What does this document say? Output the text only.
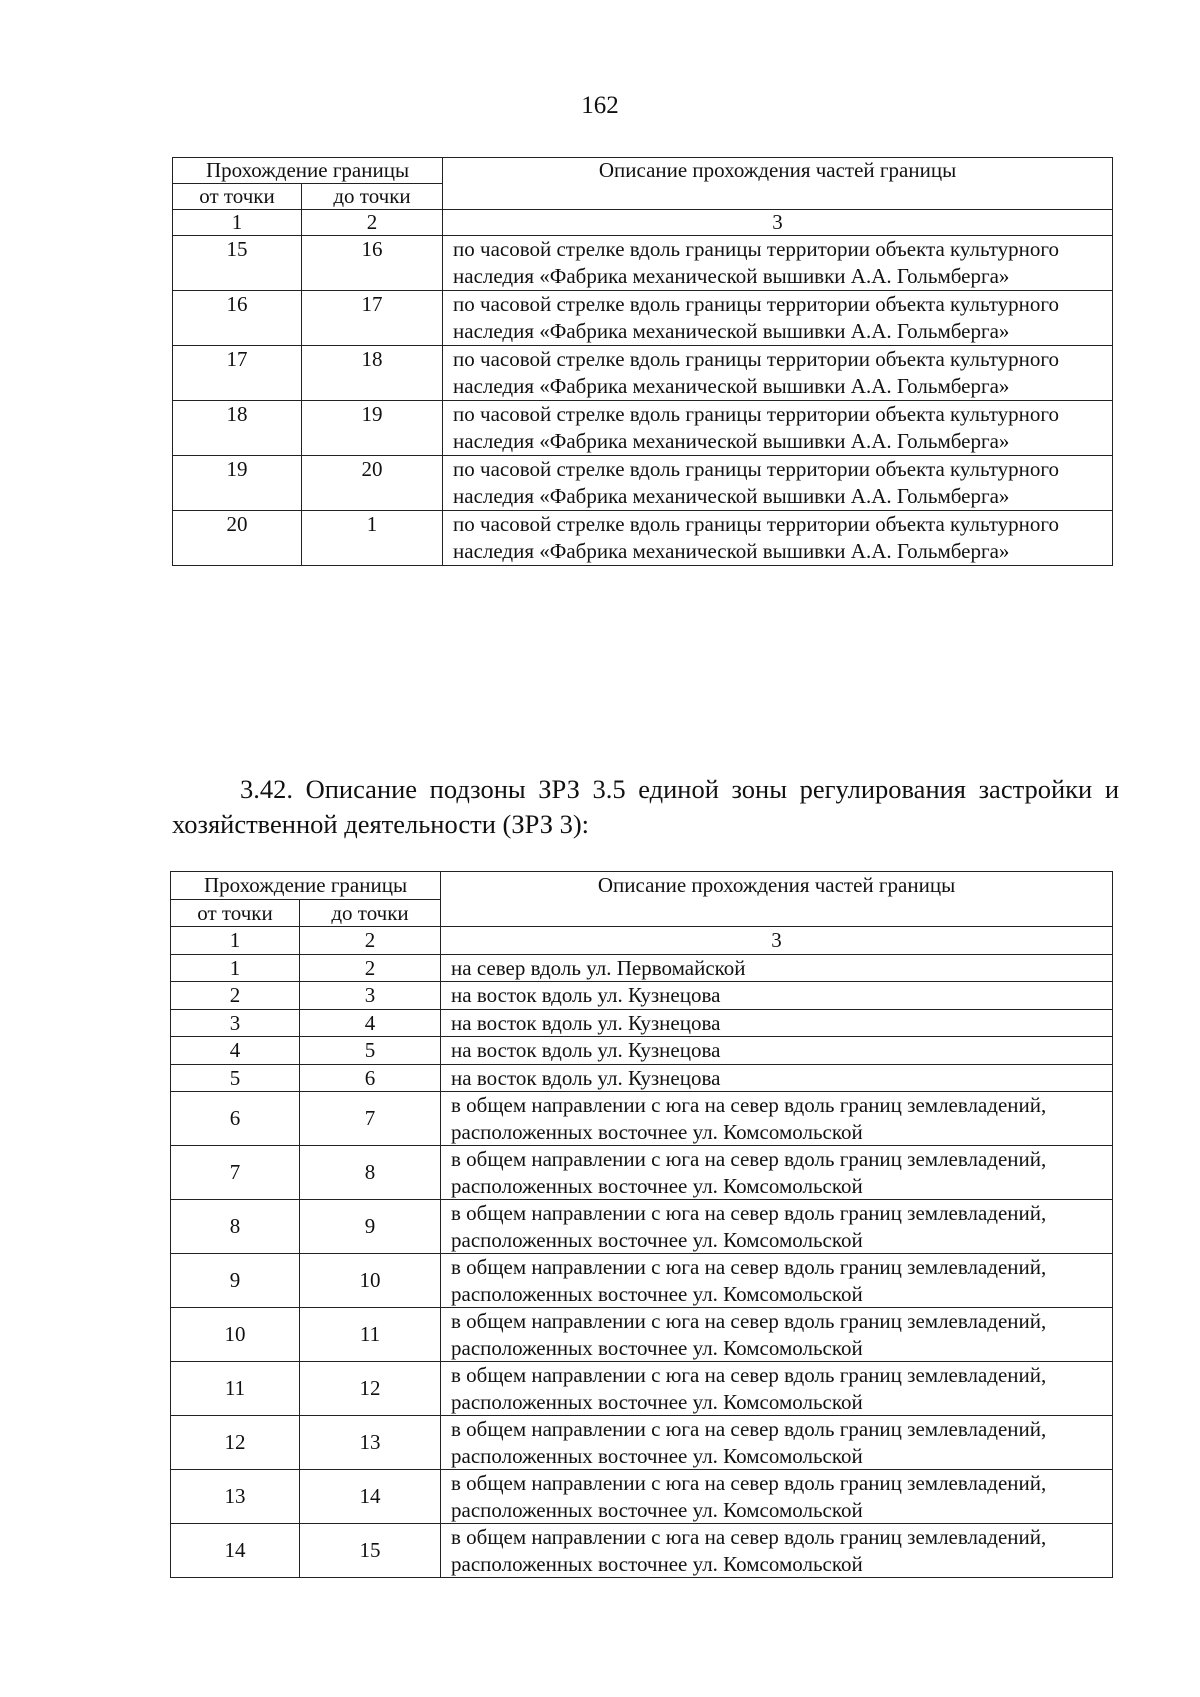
162
Прохождение границы		Описание прохождения частей границы
от точки	до точки	
1	2	3
15	16	по часовой стрелке вдоль границы территории объекта культурного наследия «Фабрика механической вышивки А.А. Гольмберга»
16	17	по часовой стрелке вдоль границы территории объекта культурного наследия «Фабрика механической вышивки А.А. Гольмберга»
17	18	по часовой стрелке вдоль границы территории объекта культурного наследия «Фабрика механической вышивки А.А. Гольмберга»
18	19	по часовой стрелке вдоль границы территории объекта культурного наследия «Фабрика механической вышивки А.А. Гольмберга»
19	20	по часовой стрелке вдоль границы территории объекта культурного наследия «Фабрика механической вышивки А.А. Гольмберга»
20	1	по часовой стрелке вдоль границы территории объекта культурного наследия «Фабрика механической вышивки А.А. Гольмберга»
3.42. Описание подзоны ЗРЗ 3.5 единой зоны регулирования застройки и хозяйственной деятельности (ЗРЗ 3):
Прохождение границы		Описание прохождения частей границы
от точки	до точки	
1	2	3
1	2	на север вдоль ул. Первомайской
2	3	на восток вдоль ул. Кузнецова
3	4	на восток вдоль ул. Кузнецова
4	5	на восток вдоль ул. Кузнецова
5	6	на восток вдоль ул. Кузнецова
6	7	в общем направлении с юга на север вдоль границ землевладений, расположенных восточнее ул. Комсомольской
7	8	в общем направлении с юга на север вдоль границ землевладений, расположенных восточнее ул. Комсомольской
8	9	в общем направлении с юга на север вдоль границ землевладений, расположенных восточнее ул. Комсомольской
9	10	в общем направлении с юга на север вдоль границ землевладений, расположенных восточнее ул. Комсомольской
10	11	в общем направлении с юга на север вдоль границ землевладений, расположенных восточнее ул. Комсомольской
11	12	в общем направлении с юга на север вдоль границ землевладений, расположенных восточнее ул. Комсомольской
12	13	в общем направлении с юга на север вдоль границ землевладений, расположенных восточнее ул. Комсомольской
13	14	в общем направлении с юга на север вдоль границ землевладений, расположенных восточнее ул. Комсомольской
14	15	в общем направлении с юга на север вдоль границ землевладений, расположенных восточнее ул. Комсомольской
